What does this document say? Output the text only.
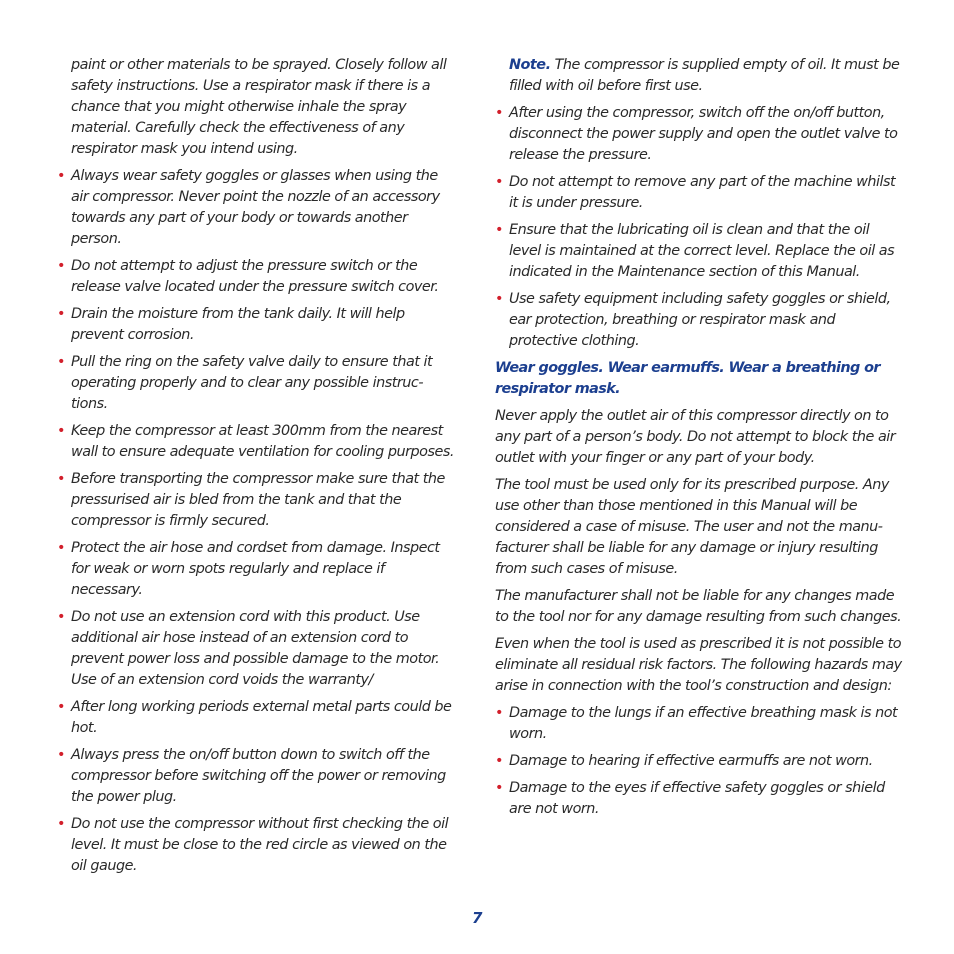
paint or other materials to be sprayed. Closely follow all safety instructions. Use a respirator mask if there is a chance that you might otherwise inhale the spray material. Carefully check the effectiveness of any respirator mask you intend using.

• Always wear safety goggles or glasses when using the air compressor. Never point the nozzle of an accessory towards any part of your body or towards another person.
• Do not attempt to adjust the pressure switch or the release valve located under the pressure switch cover.
• Drain the moisture from the tank daily. It will help prevent corrosion.
• Pull the ring on the safety valve daily to ensure that it operating properly and to clear any possible instruc- tions.
• Keep the compressor at least 300mm from the nearest wall to ensure adequate ventilation for cooling purposes.
• Before transporting the compressor make sure that the pressurised air is bled from the tank and that the compressor is firmly secured.
• Protect the air hose and cordset from damage. Inspect for weak or worn spots regularly and replace if necessary.
• Do not use an extension cord with this product. Use additional air hose instead of an extension cord to prevent power loss and possible damage to the motor. Use of an extension cord voids the warranty/
• After long working periods external metal parts could be hot.
• Always press the on/off button down to switch off the compressor before switching off the power or removing the power plug.
• Do not use the compressor without first checking the oil level. It must be close to the red circle as viewed on the oil gauge.

Note. The compressor is supplied empty of oil. It must be filled with oil before first use.

• After using the compressor, switch off the on/off button, disconnect the power supply and open the outlet valve to release the pressure.
• Do not attempt to remove any part of the machine whilst it is under pressure.
• Ensure that the lubricating oil is clean and that the oil level is maintained at the correct level. Replace the oil as indicated in the Maintenance section of this Manual.
• Use safety equipment including safety goggles or shield, ear protection, breathing or respirator mask and protective clothing.

Wear goggles. Wear earmuffs. Wear a breathing or respirator mask.

Never apply the outlet air of this compressor directly on to any part of a person’s body. Do not attempt to block the air outlet with your finger or any part of your body.

The tool must be used only for its prescribed purpose. Any use other than those mentioned in this Manual will be considered a case of misuse. The user and not the manu- facturer shall be liable for any damage or injury resulting from such cases of misuse.

The manufacturer shall not be liable for any changes made to the tool nor for any damage resulting from such changes.

Even when the tool is used as prescribed it is not possible to eliminate all residual risk factors. The following hazards may arise in connection with the tool’s construction and design:

• Damage to the lungs if an effective breathing mask is not worn.
• Damage to hearing if effective earmuffs are not worn.
• Damage to the eyes if effective safety goggles or shield are not worn.
7
